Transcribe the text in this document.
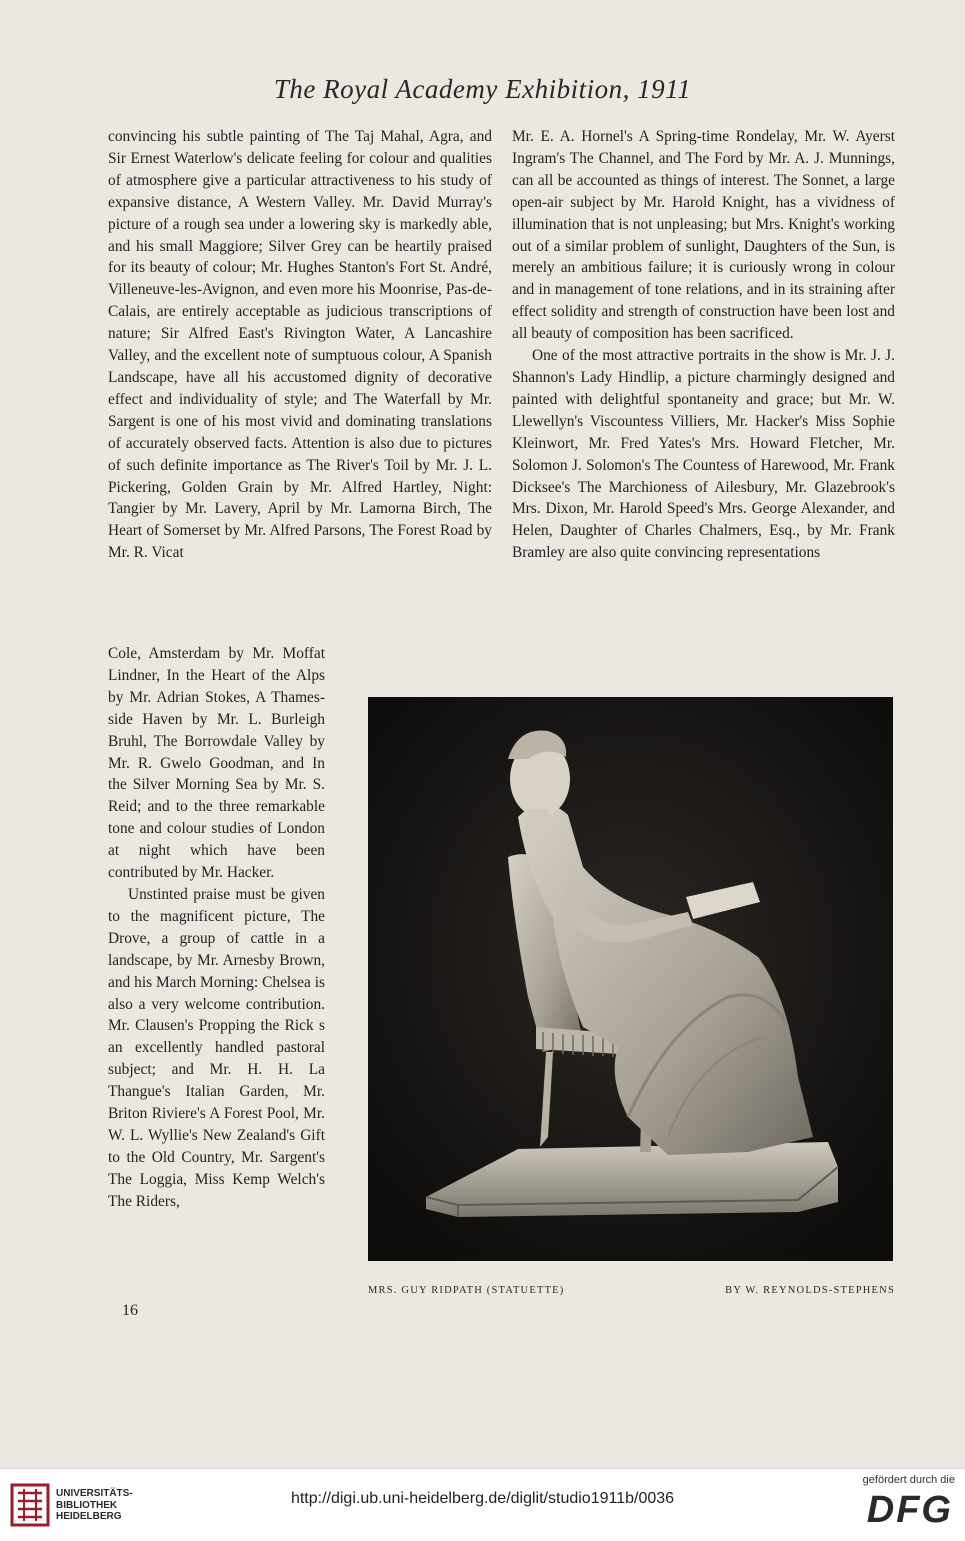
The Royal Academy Exhibition, 1911

convincing his subtle painting of The Taj Mahal, Agra, and Sir Ernest Waterlow's delicate feeling for colour and qualities of atmosphere give a particular attractiveness to his study of expansive distance, A Western Valley. Mr. David Murray's picture of a rough sea under a lowering sky is markedly able, and his small Maggiore; Silver Grey can be heartily praised for its beauty of colour; Mr. Hughes Stanton's Fort St. André, Villeneuve-les-Avignon, and even more his Moonrise, Pas-de-Calais, are entirely acceptable as judicious transcriptions of nature; Sir Alfred East's Rivington Water, A Lancashire Valley, and the excellent note of sumptuous colour, A Spanish Landscape, have all his accustomed dignity of decorative effect and individuality of style; and The Waterfall by Mr. Sargent is one of his most vivid and dominating translations of accurately observed facts. Attention is also due to pictures of such definite importance as The River's Toil by Mr. J. L. Pickering, Golden Grain by Mr. Alfred Hartley, Night: Tangier by Mr. Lavery, April by Mr. Lamorna Birch, The Heart of Somerset by Mr. Alfred Parsons, The Forest Road by Mr. R. Vicat

Cole, Amsterdam by Mr. Moffat Lindner, In the Heart of the Alps by Mr. Adrian Stokes, A Thames-side Haven by Mr. L. Burleigh Bruhl, The Borrowdale Valley by Mr. R. Gwelo Goodman, and In the Silver Morning Sea by Mr. S. Reid; and to the three remarkable tone and colour studies of London at night which have been contributed by Mr. Hacker.

Unstinted praise must be given to the magnificent picture, The Drove, a group of cattle in a landscape, by Mr. Arnesby Brown, and his March Morning: Chelsea is also a very welcome contribution. Mr. Clausen's Propping the Rick s an excellently handled pastoral subject; and Mr. H. H. La Thangue's Italian Garden, Mr. Briton Riviere's A Forest Pool, Mr. W. L. Wyllie's New Zealand's Gift to the Old Country, Mr. Sargent's The Loggia, Miss Kemp Welch's The Riders,

Mr. E. A. Hornel's A Spring-time Rondelay, Mr. W. Ayerst Ingram's The Channel, and The Ford by Mr. A. J. Munnings, can all be accounted as things of interest. The Sonnet, a large open-air subject by Mr. Harold Knight, has a vividness of illumination that is not unpleasing; but Mrs. Knight's working out of a similar problem of sunlight, Daughters of the Sun, is merely an ambitious failure; it is curiously wrong in colour and in management of tone relations, and in its straining after effect solidity and strength of construction have been lost and all beauty of composition has been sacrificed.

One of the most attractive portraits in the show is Mr. J. J. Shannon's Lady Hindlip, a picture charmingly designed and painted with delightful spontaneity and grace; but Mr. W. Llewellyn's Viscountess Villiers, Mr. Hacker's Miss Sophie Kleinwort, Mr. Fred Yates's Mrs. Howard Fletcher, Mr. Solomon J. Solomon's The Countess of Harewood, Mr. Frank Dicksee's The Marchioness of Ailesbury, Mr. Glazebrook's Mrs. Dixon, Mr. Harold Speed's Mrs. George Alexander, and Helen, Daughter of Charles Chalmers, Esq., by Mr. Frank Bramley are also quite convincing representations

MRS. GUY RIDPATH (STATUETTE)	BY W. REYNOLDS-STEPHENS
16
UNIVERSITÄTS-
BIBLIOTHEK
HEIDELBERG
http://digi.ub.uni-heidelberg.de/diglit/studio1911b/0036
gefördert durch die
DFG
